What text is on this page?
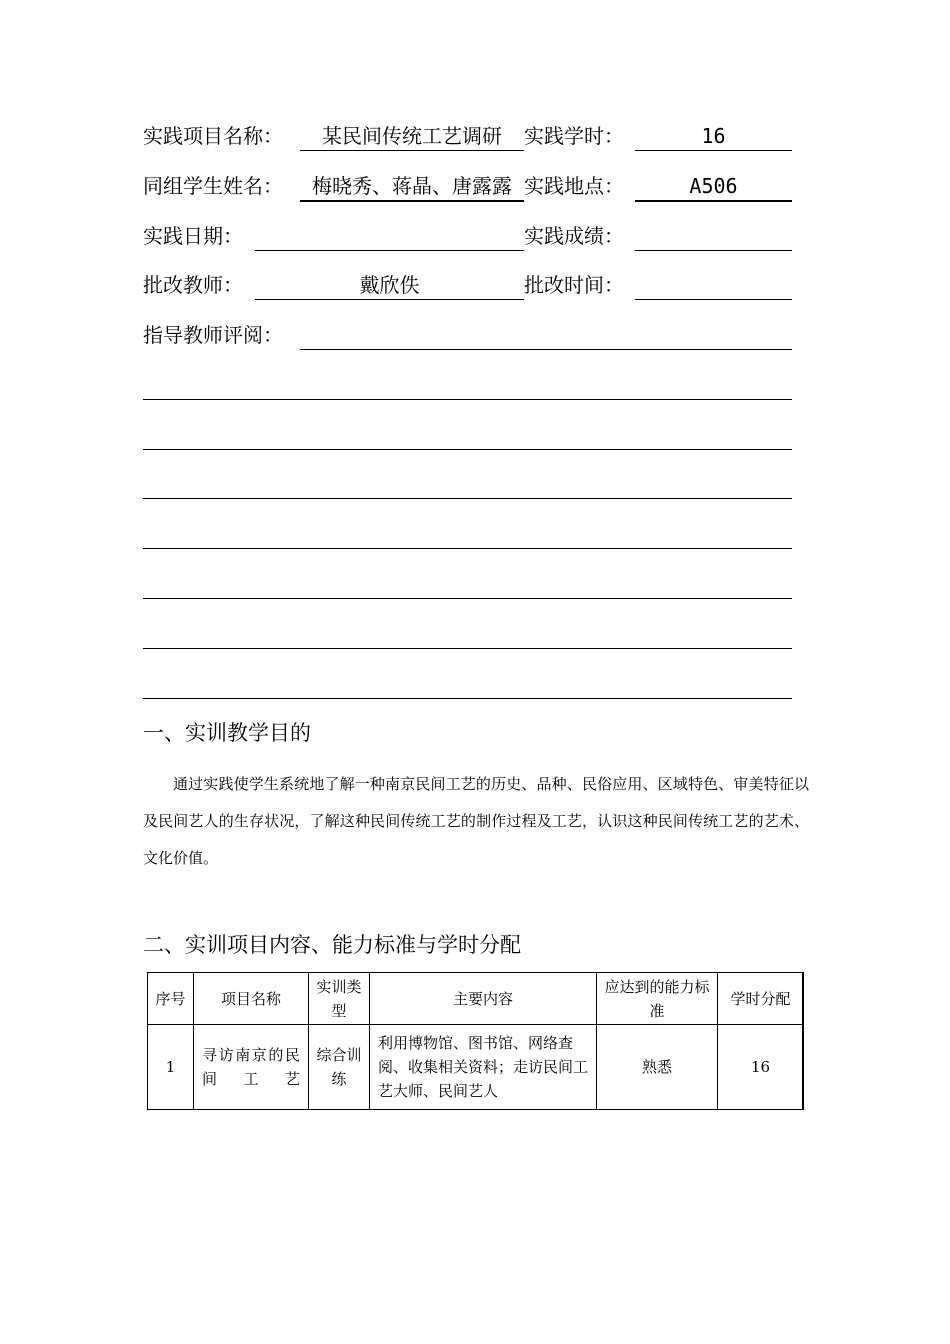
实践项目名称：	某民间传统工艺调研	实践学时：	16
同组学生姓名：	梅晓秀、蒋晶、唐露露 实践地点：	A506
实践日期：	实践成绩：
批改教师：	戴欣佚	批改时间：
指导教师评阅：
一、实训教学目的
通过实践使学生系统地了解一种南京民间工艺的历史、品种、民俗应用、区域特色、审美特征以及民间艺人的生存状况，了解这种民间传统工艺的制作过程及工艺，认识这种民间传统工艺的艺术、文化价值。
二、实训项目内容、能力标准与学时分配
序号	项目名称	实训类型	主要内容	应达到的能力标准	学时分配
1	寻访南京的民间工艺	综合训练	利用博物馆、图书馆、网络查阅、收集相关资料；走访民间工艺大师、民间艺人	熟悉	16
